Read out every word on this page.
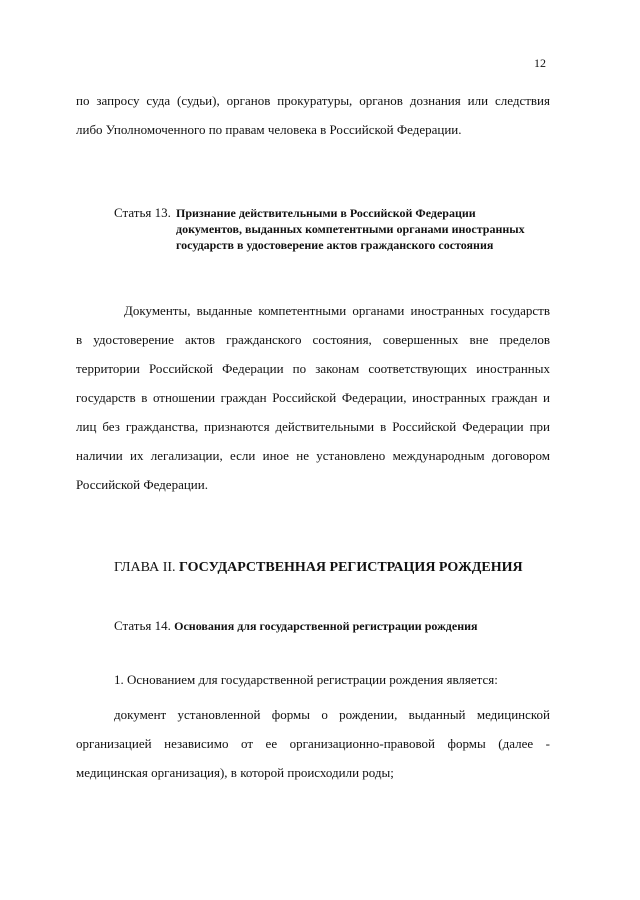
12
по запросу суда (судьи), органов прокуратуры, органов дознания или следствия
либо Уполномоченного по правам человека в Российской Федерации.
Статья 13. Признание действительными в Российской Федерации документов, выданных компетентными органами иностранных государств в удостоверение актов гражданского состояния
Документы, выданные компетентными органами иностранных государств
в удостоверение актов гражданского состояния, совершенных вне пределов
территории Российской Федерации по законам соответствующих иностранных
государств в отношении граждан Российской Федерации, иностранных граждан и
лиц без гражданства, признаются действительными в Российской Федерации при
наличии их легализации, если иное не установлено международным договором
Российской Федерации.
ГЛАВА II. ГОСУДАРСТВЕННАЯ РЕГИСТРАЦИЯ РОЖДЕНИЯ
Статья 14. Основания для государственной регистрации рождения
1. Основанием для государственной регистрации рождения является:
документ установленной формы о рождении, выданный медицинской
организацией независимо от ее организационно-правовой формы (далее -
медицинская организация), в которой происходили роды;
